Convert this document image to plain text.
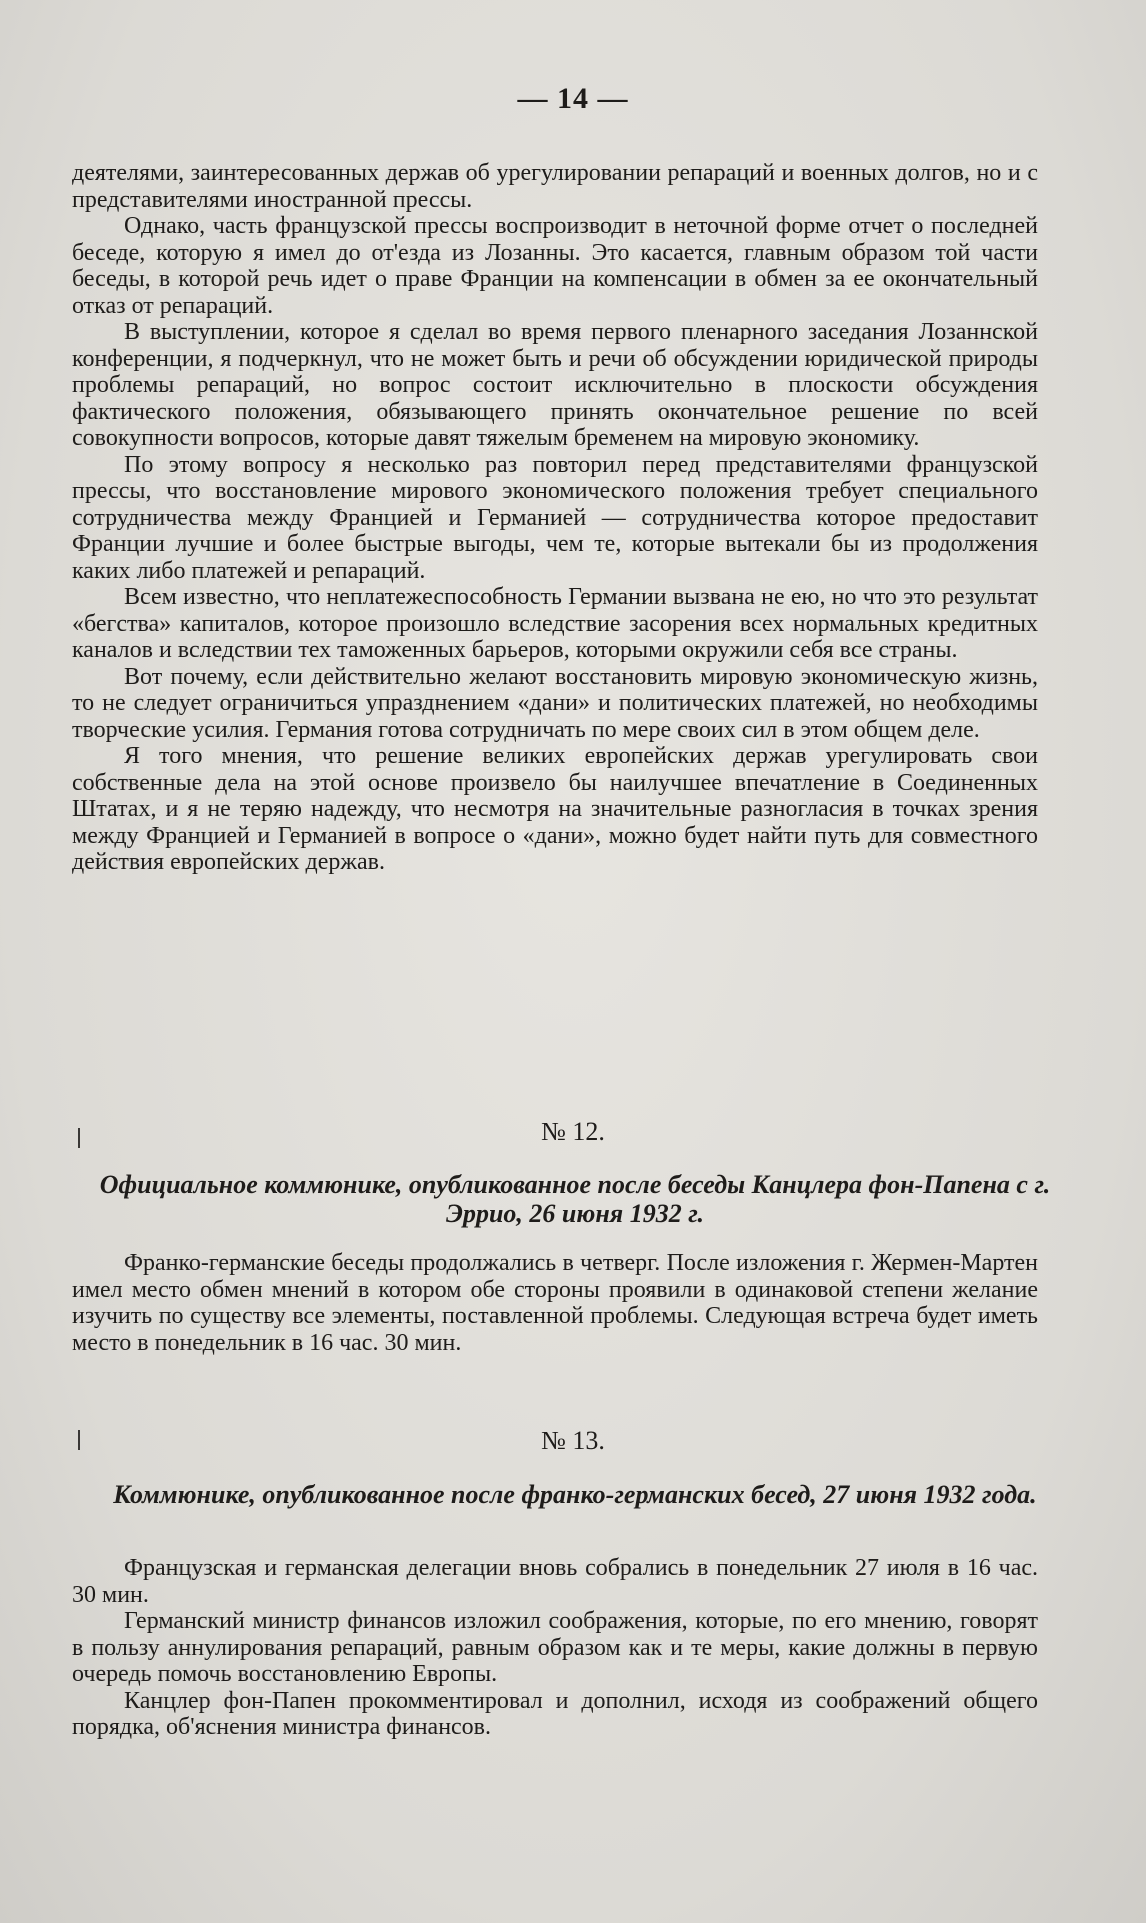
— 14 —

деятелями, заинтересованных держав об урегулировании репараций и военных долгов, но и с представителями иностранной прессы.

Однако, часть французской прессы воспроизводит в неточной форме отчет о последней беседе, которую я имел до от'езда из Лозанны. Это касается, главным образом той части беседы, в которой речь идет о праве Франции на компенсации в обмен за ее окончательный отказ от репараций.

В выступлении, которое я сделал во время первого пленарного заседания Лозаннской конференции, я подчеркнул, что не может быть и речи об обсуждении юридической природы проблемы репараций, но вопрос состоит исключительно в плоскости обсуждения фактического положения, обязывающего принять окончательное решение по всей совокупности вопросов, которые давят тяжелым бременем на мировую экономику.

По этому вопросу я несколько раз повторил перед представителями французской прессы, что восстановление мирового экономического положения требует специального сотрудничества между Францией и Германией — сотрудничества которое предоставит Франции лучшие и более быстрые выгоды, чем те, которые вытекали бы из продолжения каких либо платежей и репараций.

Всем известно, что неплатежеспособность Германии вызвана не ею, но что это результат «бегства» капиталов, которое произошло вследствие засорения всех нормальных кредитных каналов и вследствии тех таможенных барьеров, которыми окружили себя все страны.

Вот почему, если действительно желают восстановить мировую экономическую жизнь, то не следует ограничиться упразднением «дани» и политических платежей, но необходимы творческие усилия. Германия готова сотрудничать по мере своих сил в этом общем деле.

Я того мнения, что решение великих европейских держав урегулировать свои собственные дела на этой основе произвело бы наилучшее впечатление в Соединенных Штатах, и я не теряю надежду, что несмотря на значительные разногласия в точках зрения между Францией и Германией в вопросе о «дани», можно будет найти путь для совместного действия европейских держав.

№ 12.
Официальное коммюнике, опубликованное после беседы Канцлера фон-Папена с г. Эррио, 26 июня 1932 г.

Франко-германские беседы продолжались в четверг. После изложения г. Жермен-Мартен имел место обмен мнений в котором обе стороны проявили в одинаковой степени желание изучить по существу все элементы, поставленной проблемы. Следующая встреча будет иметь место в понедельник в 16 час. 30 мин.

№ 13.
Коммюнике, опубликованное после франко-германских бесед, 27 июня 1932 года.

Французская и германская делегации вновь собрались в понедельник 27 июля в 16 час. 30 мин.

Германский министр финансов изложил соображения, которые, по его мнению, говорят в пользу аннулирования репараций, равным образом как и те меры, какие должны в первую очередь помочь восстановлению Европы.

Канцлер фон-Папен прокомментировал и дополнил, исходя из соображений общего порядка, об'яснения министра финансов.
